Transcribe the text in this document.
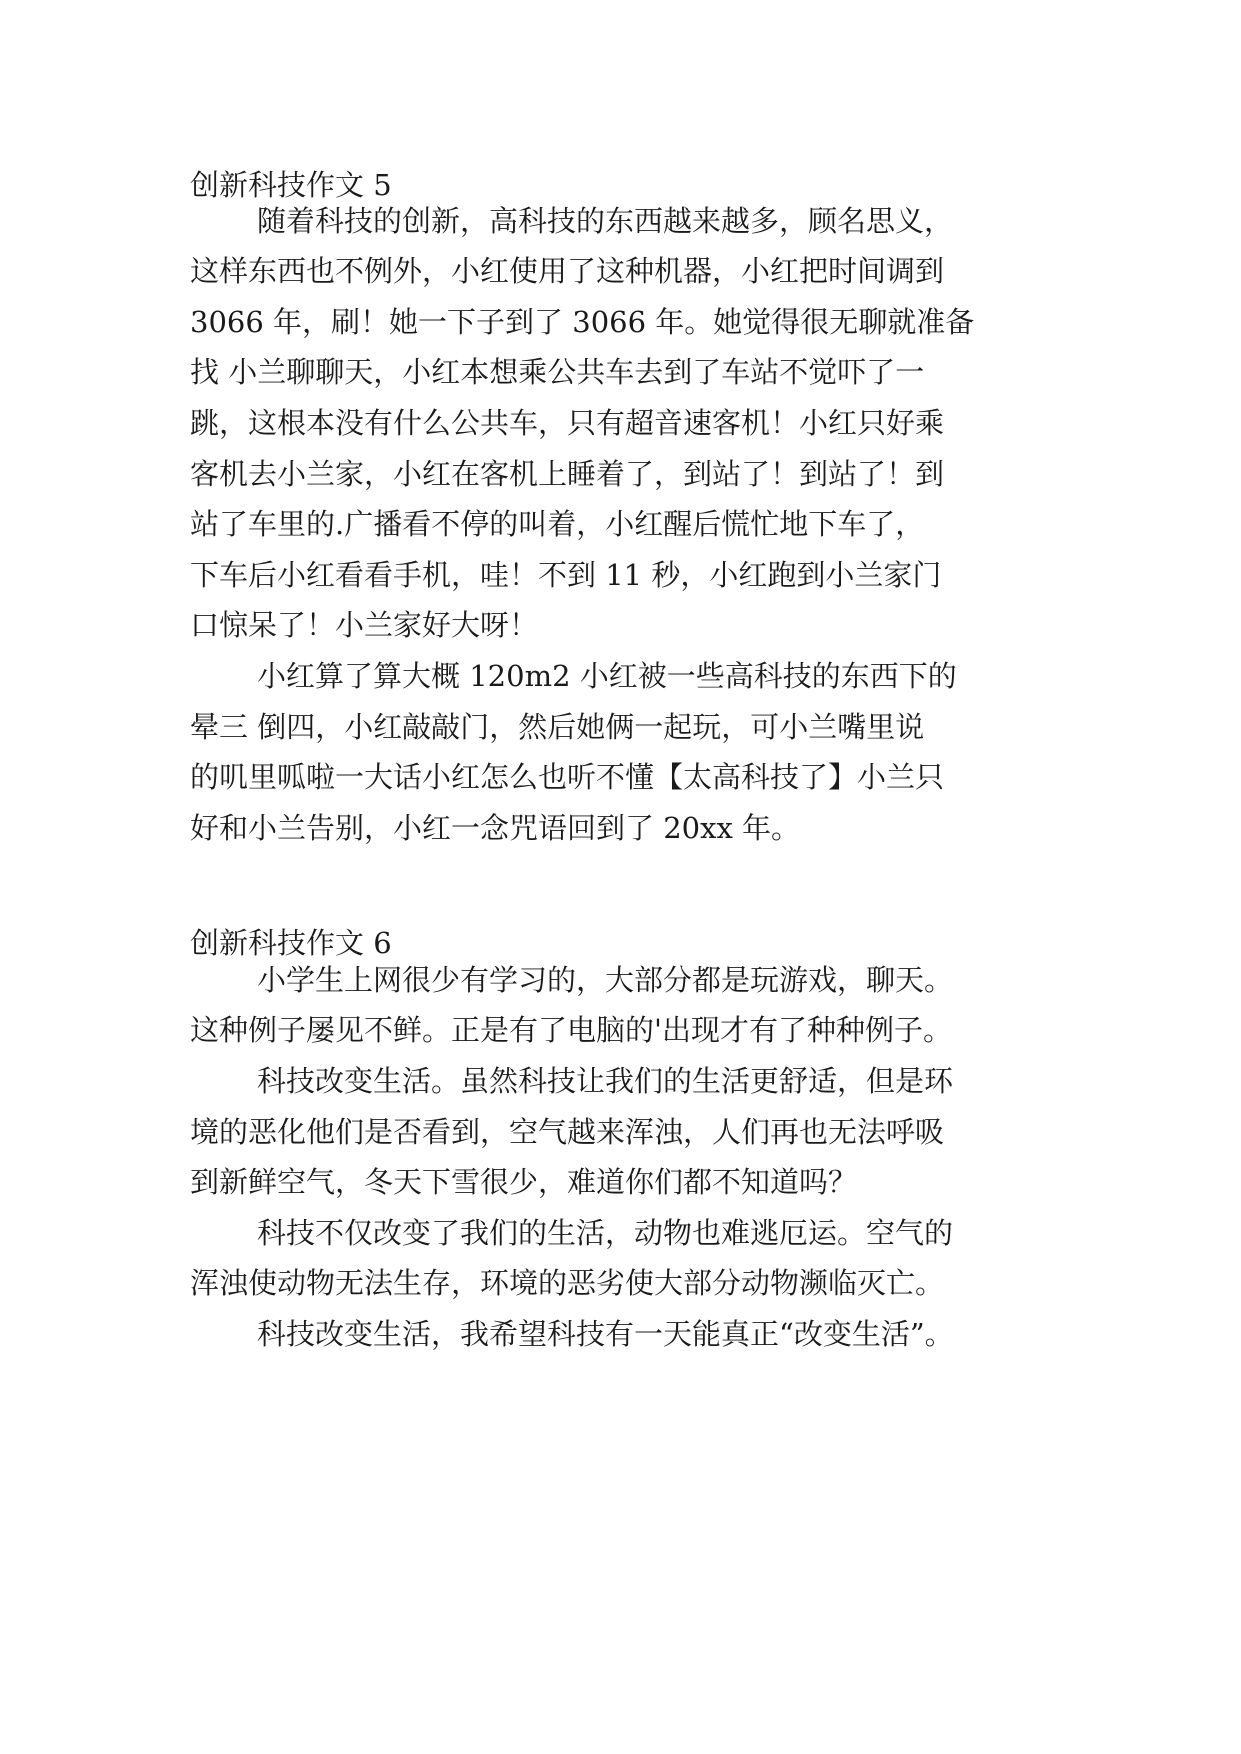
创新科技作文 5
随着科技的创新，高科技的东西越来越多，顾名思义，
这样东西也不例外，小红使用了这种机器，小红把时间调到
3066 年，刷！她一下子到了 3066 年。她觉得很无聊就准备
找 小兰聊聊天，小红本想乘公共车去到了车站不觉吓了一
跳，这根本没有什么公共车，只有超音速客机！小红只好乘
客机去小兰家，小红在客机上睡着了，到站了！到站了！到
站了车里的.广播看不停的叫着，小红醒后慌忙地下车了，
下车后小红看看手机，哇！不到 11 秒，小红跑到小兰家门
口惊呆了！小兰家好大呀！
小红算了算大概 120m2 小红被一些高科技的东西下的
晕三 倒四，小红敲敲门，然后她俩一起玩，可小兰嘴里说
的叽里呱啦一大话小红怎么也听不懂【太高科技了】小兰只
好和小兰告别，小红一念咒语回到了 20xx 年。
创新科技作文 6
小学生上网很少有学习的，大部分都是玩游戏，聊天。
这种例子屡见不鲜。正是有了电脑的'出现才有了种种例子。
科技改变生活。虽然科技让我们的生活更舒适，但是环
境的恶化他们是否看到，空气越来浑浊，人们再也无法呼吸
到新鲜空气，冬天下雪很少，难道你们都不知道吗？
科技不仅改变了我们的生活，动物也难逃厄运。空气的
浑浊使动物无法生存，环境的恶劣使大部分动物濒临灭亡。
科技改变生活，我希望科技有一天能真正“改变生活”。
